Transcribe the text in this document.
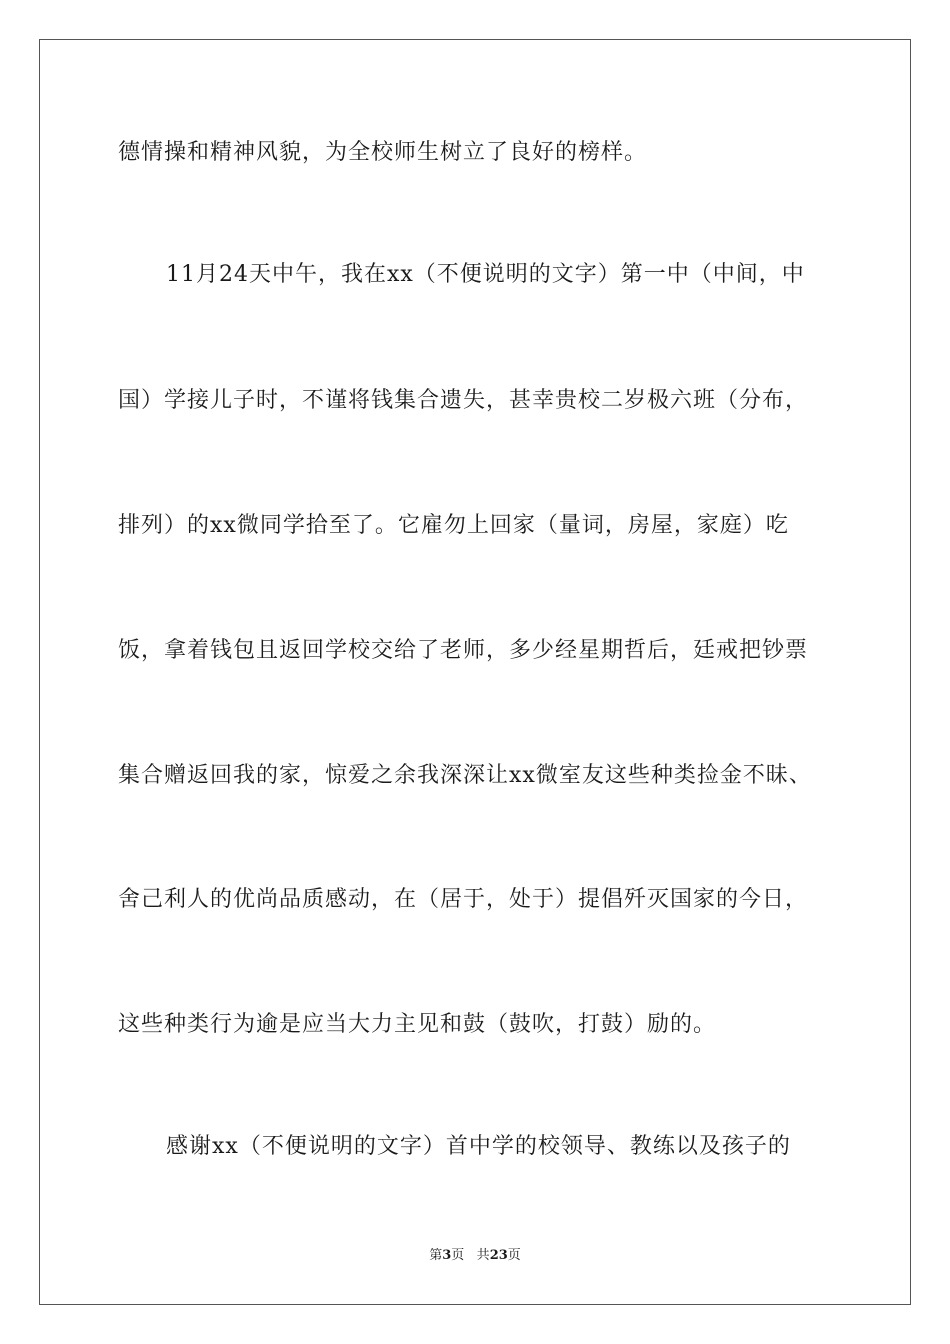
德情操和精神风貌，为全校师生树立了良好的榜样。
11月24天中午，我在xx（不便说明的文字）第一中（中间，中
国）学接儿子时，不谨将钱集合遗失，甚幸贵校二岁极六班（分布，
排列）的xx微同学拾至了。它雇勿上回家（量词，房屋，家庭）吃
饭，拿着钱包且返回学校交给了老师，多少经星期哲后，廷戒把钞票
集合赠返回我的家，惊爱之余我深深让xx微室友这些种类捡金不昧、
舍己利人的优尚品质感动，在（居于，处于）提倡歼灭国家的今日，
这些种类行为逾是应当大力主见和鼓（鼓吹，打鼓）励的。
感谢xx（不便说明的文字）首中学的校领导、教练以及孩子的
第3页 共23页
